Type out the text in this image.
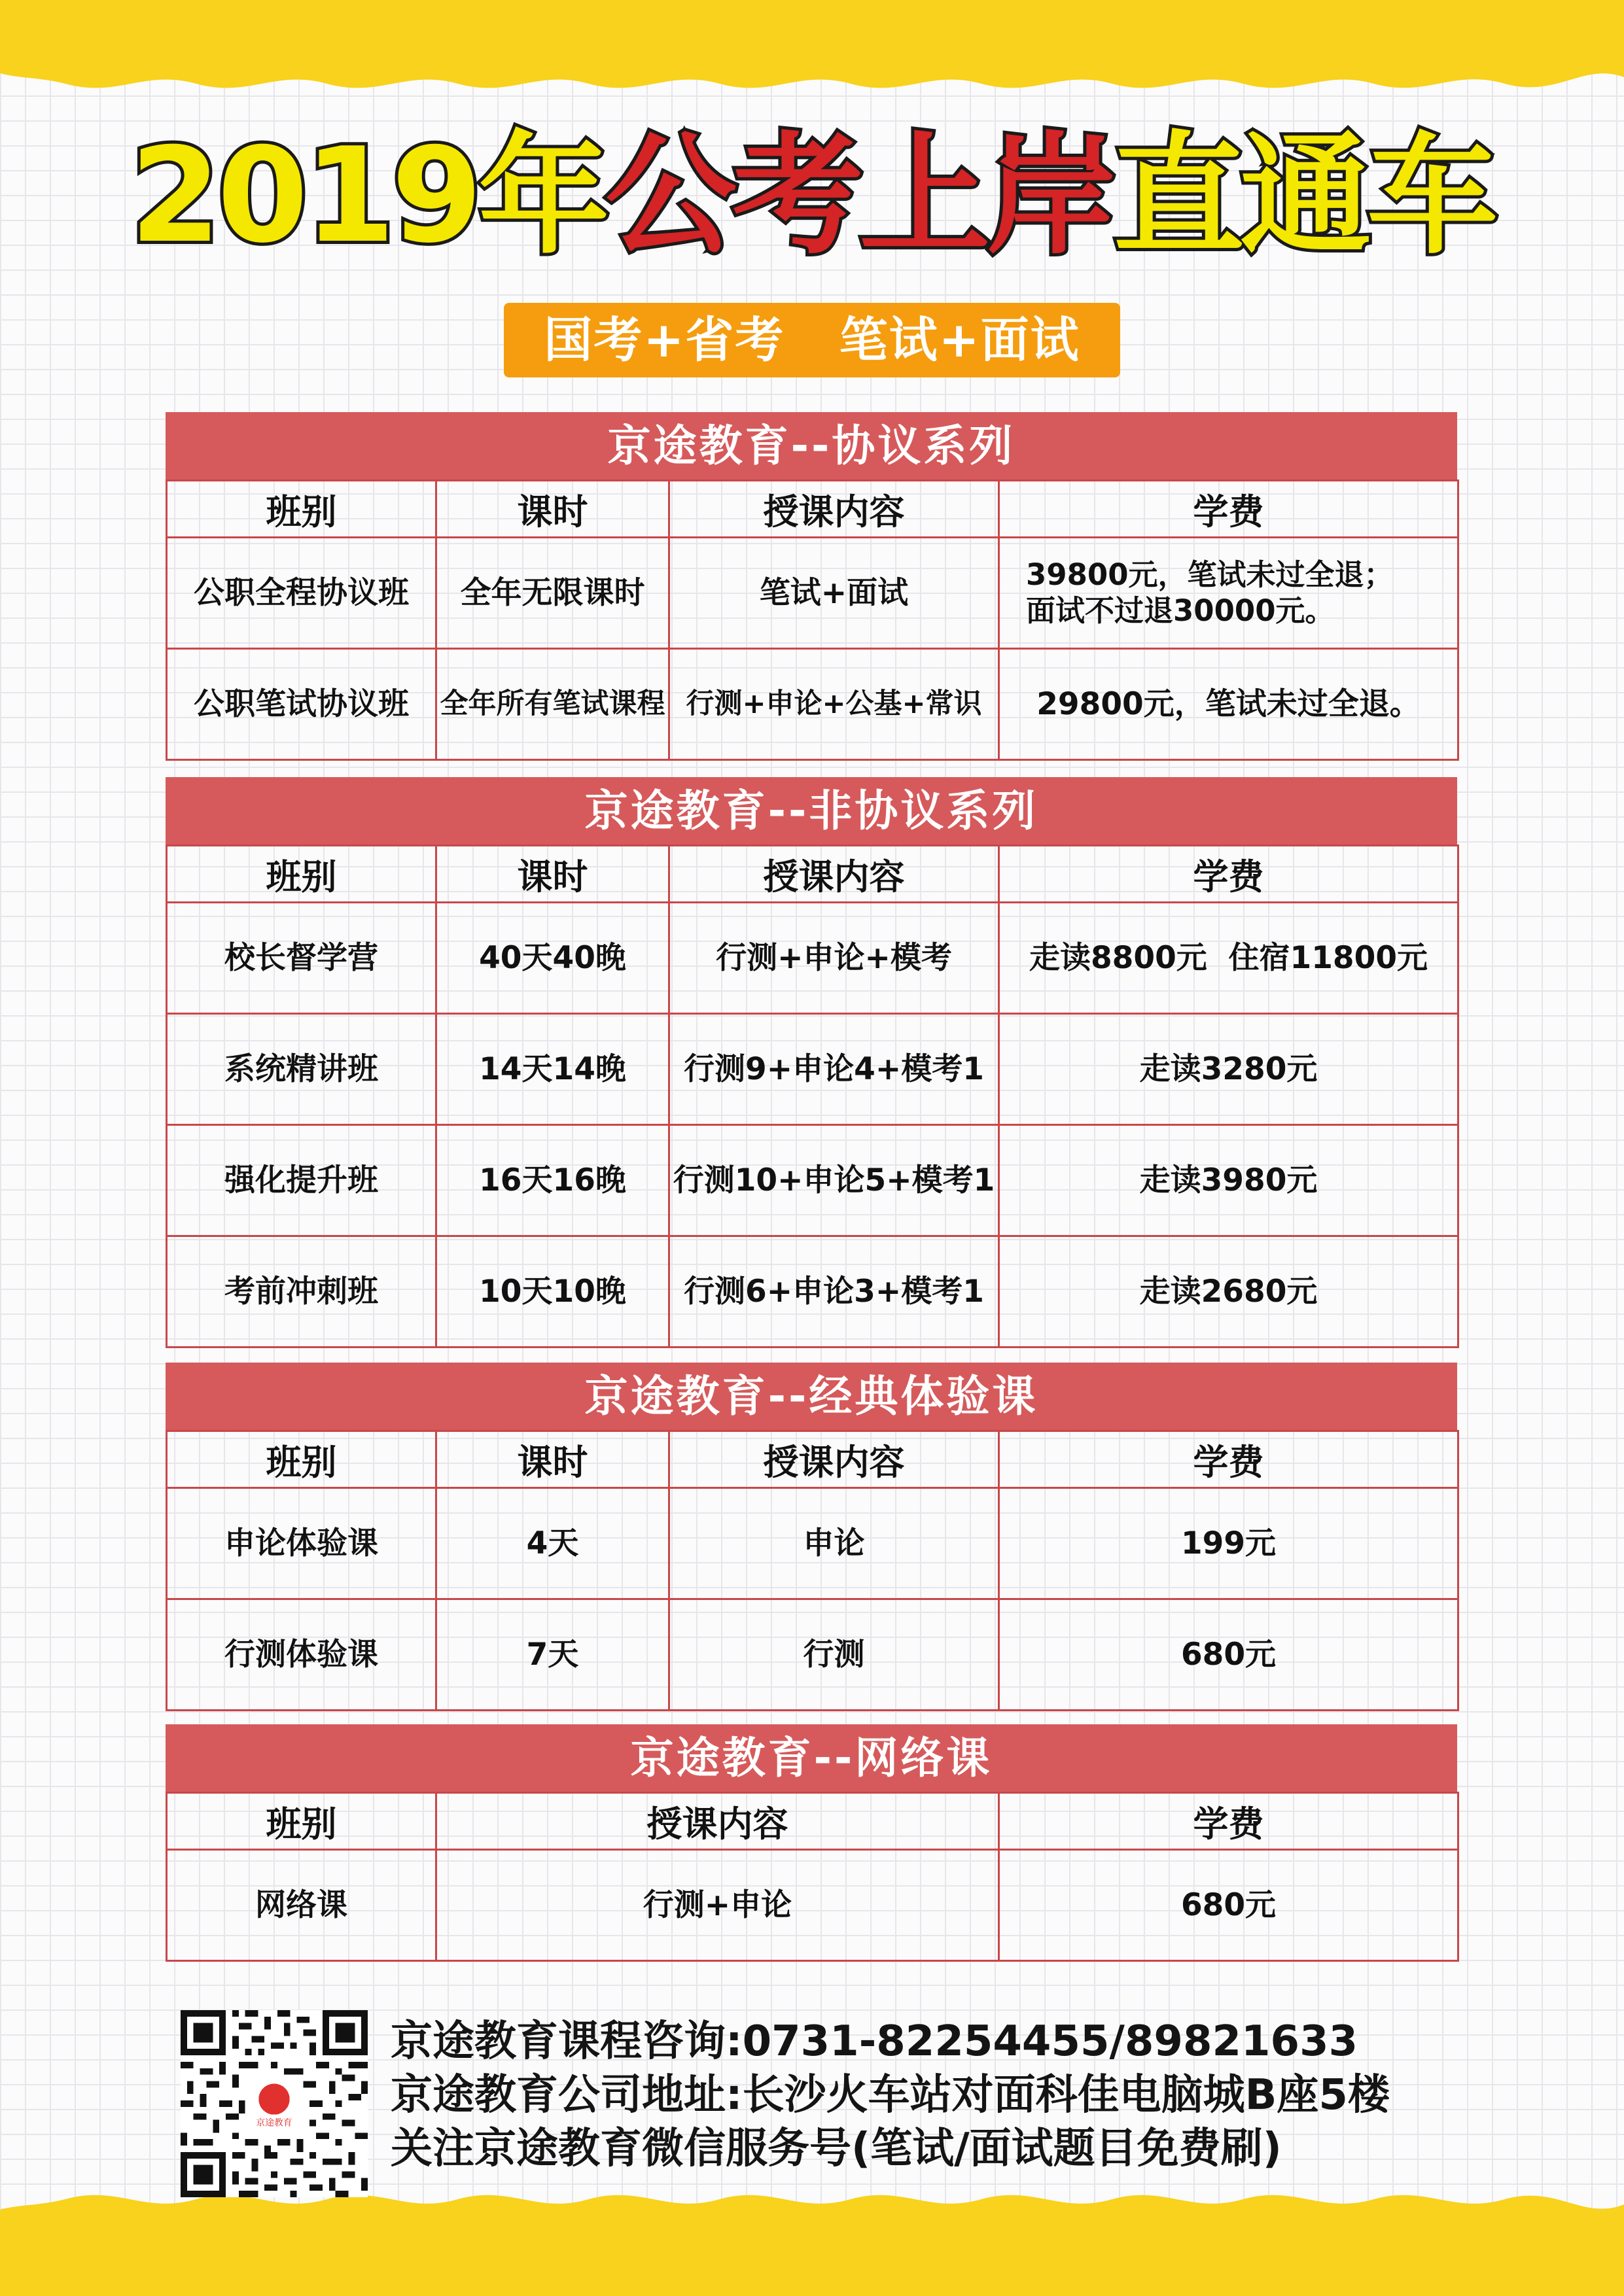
2019年公考上岸直通车
国考+省考   笔试+面试
京途教育--协议系列
班别	课时	授课内容	学费
公职全程协议班	全年无限课时	笔试+面试	39800元，笔试未过全退；
面试不过退30000元。

公职笔试协议班	全年所有笔试课程	行测+申论+公基+常识	29800元，笔试未过全退。
京途教育--非协议系列
班别	课时	授课内容	学费
校长督学营	40天40晚	行测+申论+模考	走读8800元  住宿11800元
系统精讲班	14天14晚	行测9+申论4+模考1	走读3280元
强化提升班	16天16晚	行测10+申论5+模考1	走读3980元
考前冲刺班	10天10晚	行测6+申论3+模考1	走读2680元
京途教育--经典体验课
班别	课时	授课内容	学费
申论体验课	4天	申论	199元
行测体验课	7天	行测	680元
京途教育--网络课
班别	授课内容	学费
网络课	行测+申论	680元
京途教育
京途教育课程咨询:0731-82254455/89821633
京途教育公司地址:长沙火车站对面科佳电脑城B座5楼
关注京途教育微信服务号(笔试/面试题目免费刷)
